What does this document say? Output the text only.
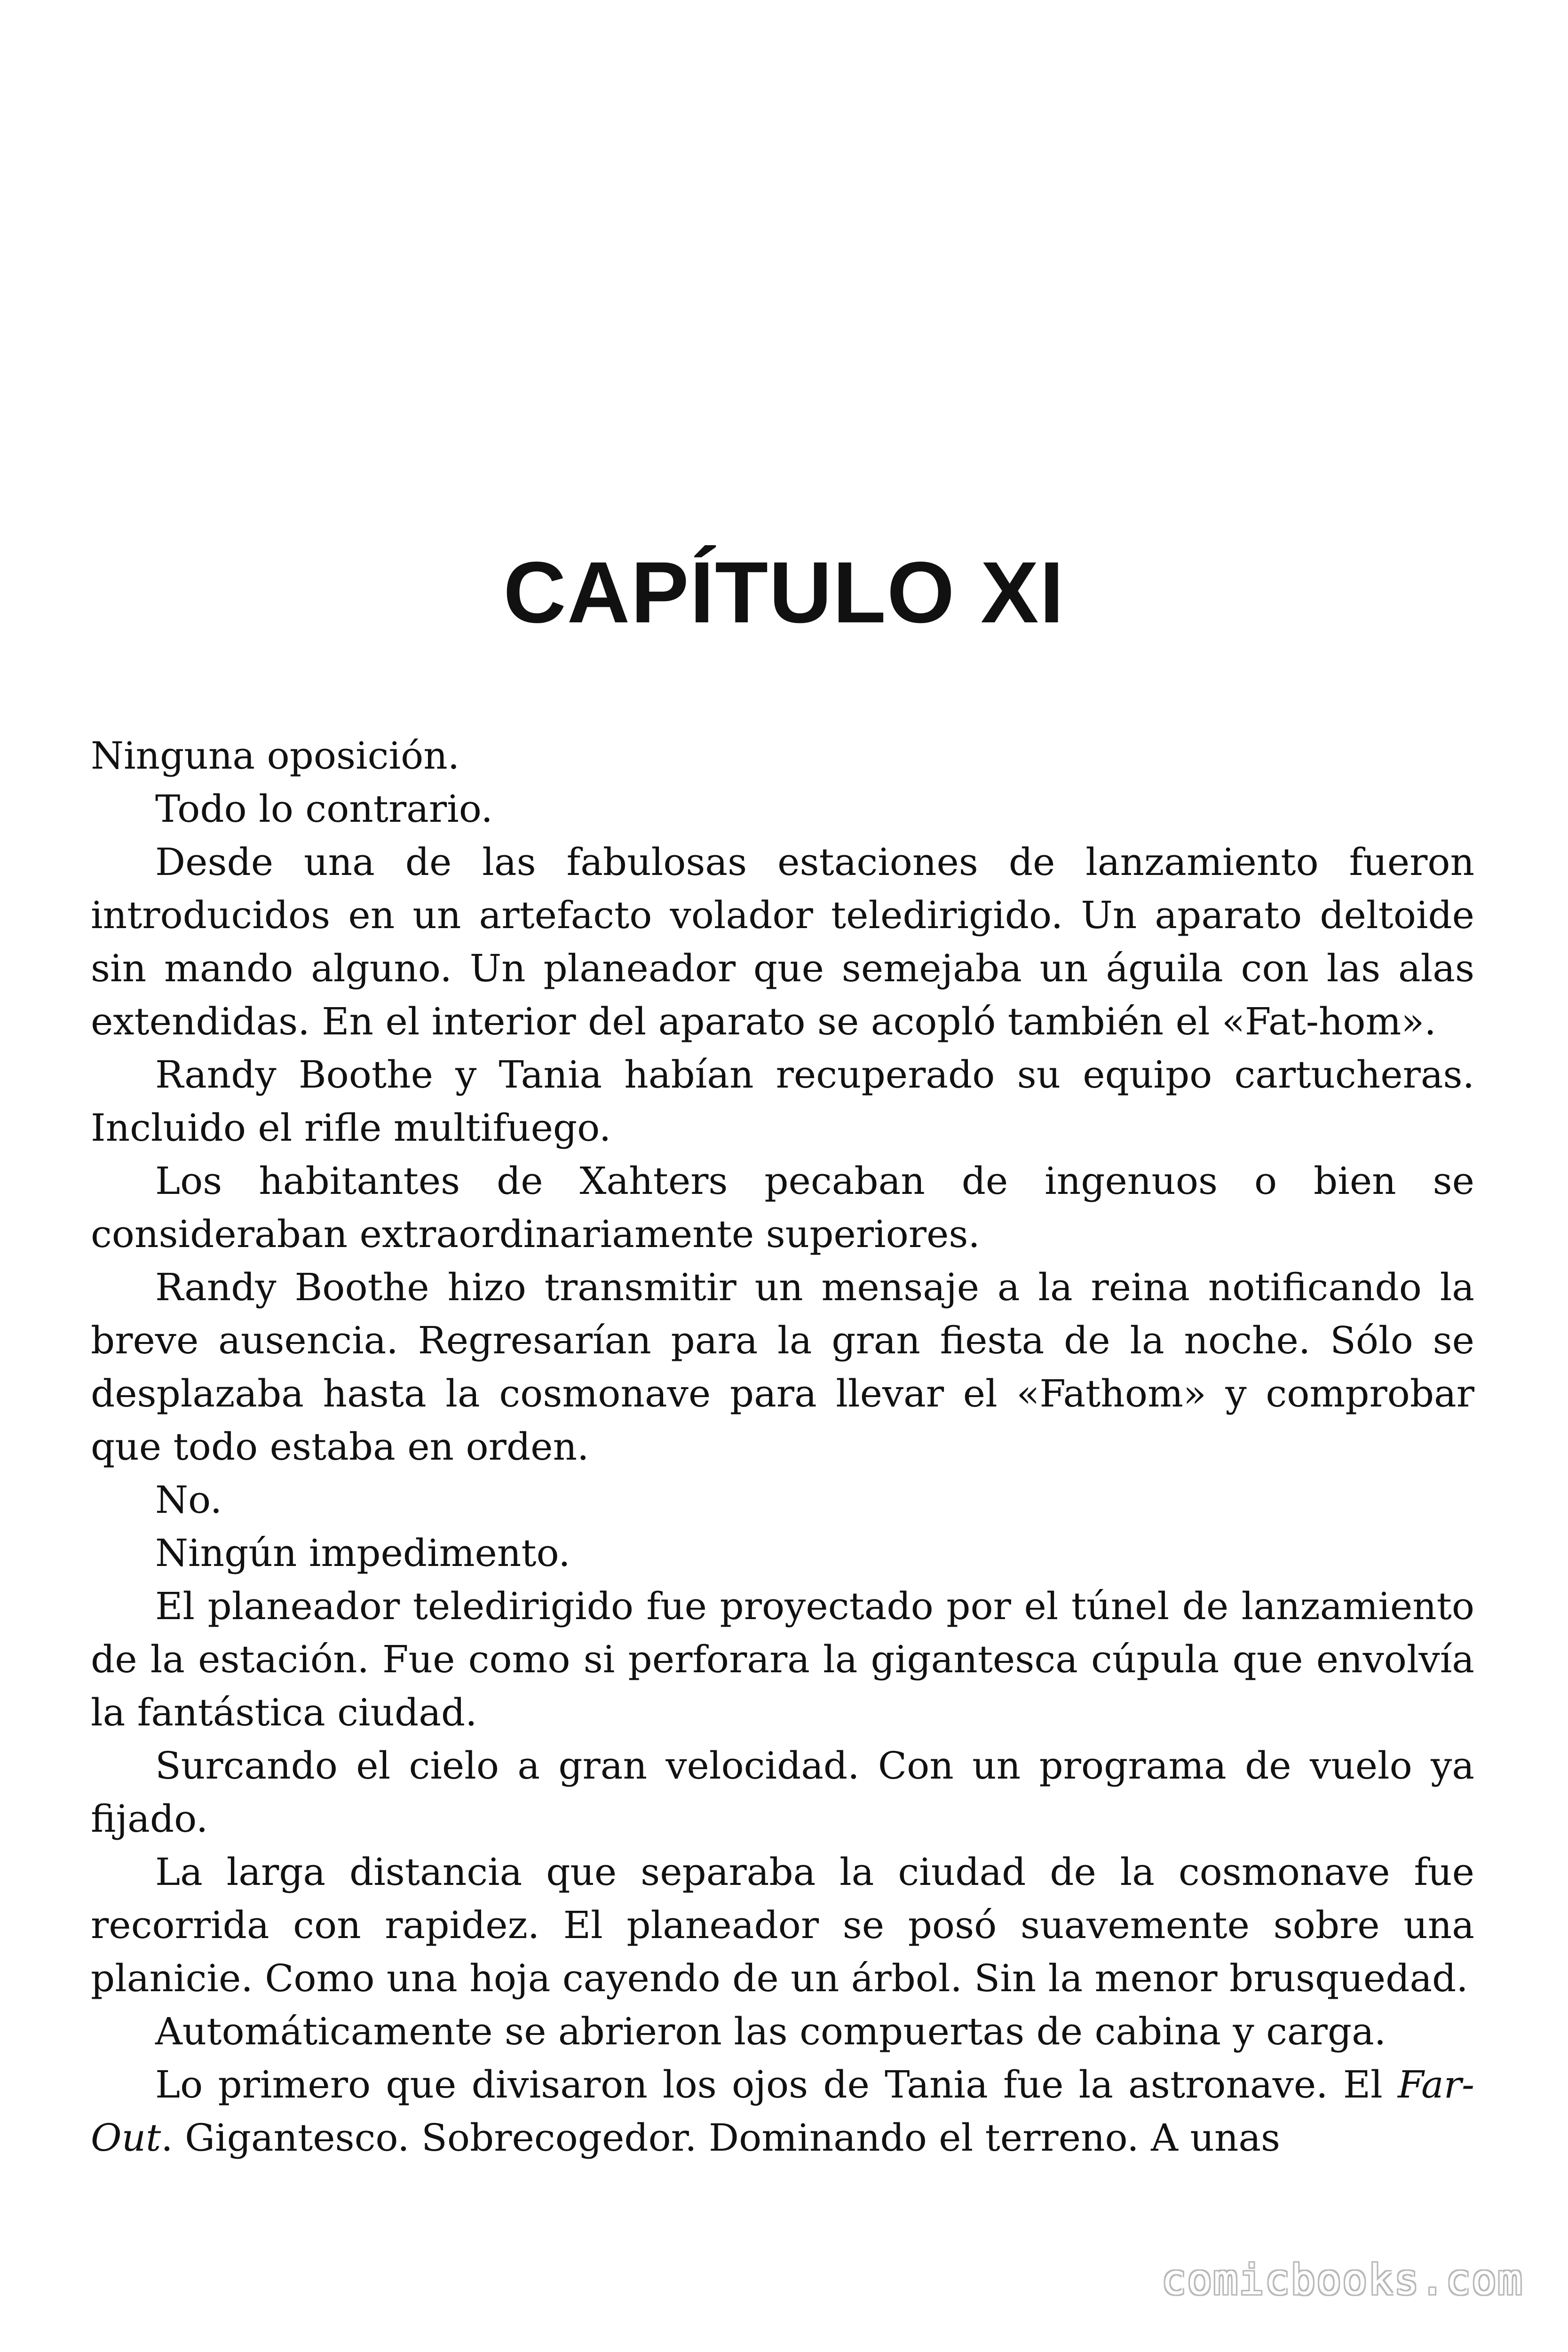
CAPÍTULO XI

Ninguna oposición.

Todo lo contrario.

Desde una de las fabulosas estaciones de lanzamiento fueron introducidos en un artefacto volador teledirigido. Un aparato deltoide sin mando alguno. Un planeador que semejaba un águila con las alas extendidas. En el interior del aparato se acopló también el «Fat-hom».

Randy Boothe y Tania habían recuperado su equipo cartucheras. Incluido el rifle multifuego.

Los habitantes de Xahters pecaban de ingenuos o bien se consideraban extraordinariamente superiores.

Randy Boothe hizo transmitir un mensaje a la reina notificando la breve ausencia. Regresarían para la gran fiesta de la noche. Sólo se desplazaba hasta la cosmonave para llevar el «Fathom» y comprobar que todo estaba en orden.

No.

Ningún impedimento.

El planeador teledirigido fue proyectado por el túnel de lanzamiento de la estación. Fue como si perforara la gigantesca cúpula que envolvía la fantástica ciudad.

Surcando el cielo a gran velocidad. Con un programa de vuelo ya fijado.

La larga distancia que separaba la ciudad de la cosmonave fue recorrida con rapidez. El planeador se posó suavemente sobre una planicie. Como una hoja cayendo de un árbol. Sin la menor brusquedad.

Automáticamente se abrieron las compuertas de cabina y carga.

Lo primero que divisaron los ojos de Tania fue la astronave. El Far-Out. Gigantesco. Sobrecogedor. Dominando el terreno. A unas

comicbooks.com
